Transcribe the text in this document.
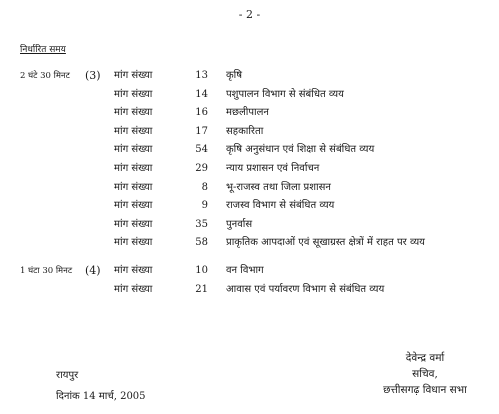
- 2 -
निर्धारित समय
2 घंटे 30 मिनट (3) मांग संख्या	13 कृषि
मांग संख्या	14 पशुपालन विभाग से संबंधित व्यय
मांग संख्या	16 मछलीपालन
मांग संख्या	17 सहकारिता
मांग संख्या	54 कृषि अनुसंधान एवं शिक्षा से संबंधित व्यय
मांग संख्या	29 न्याय प्रशासन एवं निर्वाचन
मांग संख्या	8 भू-राजस्व तथा जिला प्रशासन
मांग संख्या	9 राजस्व विभाग से संबंधित व्यय
मांग संख्या	35 पुनर्वास
मांग संख्या	58 प्राकृतिक आपदाओं एवं सूखाग्रस्त क्षेत्रों में राहत पर व्यय
1 घंटा 30 मिनट (4) मांग संख्या	10 वन विभाग
मांग संख्या	21 आवास एवं पर्यावरण विभाग से संबंधित व्यय
रायपुर
दिनांक 14 मार्च, 2005
देवेन्द्र वर्मा
सचिव,
छत्तीसगढ़ विधान सभा
